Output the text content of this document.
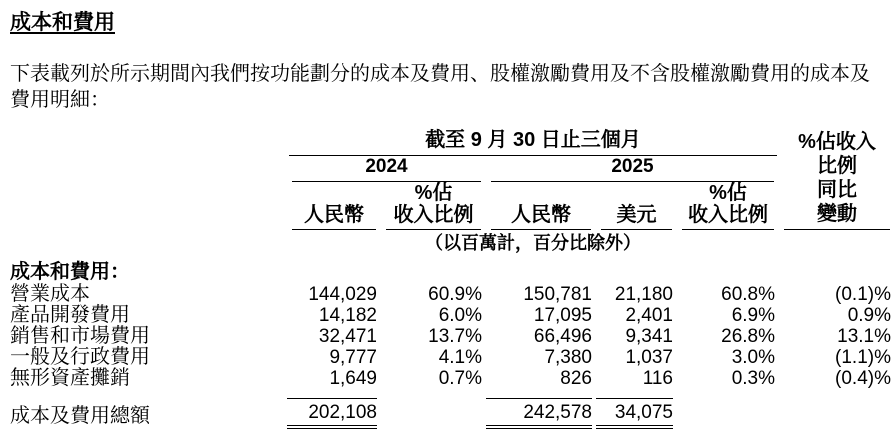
成本和費用

下表載列於所示期間內我們按功能劃分的成本及費用、股權激勵費用及不含股權激勵費用的成本及費用明細：

	截至 9 月 30 日止三個月					%佔收入
比例
同比
變動

	2024		2025			

	人民幣	%佔
收入比例	人民幣	美元	%佔
收入比例	

	（以百萬計，百分比除外）					
成本和費用：						
營業成本	144,029	60.9%	150,781	21,180	60.8%	(0.1)%
產品開發費用	14,182	6.0%	17,095	2,401	6.9%	0.9%
銷售和市場費用	32,471	13.7%	66,496	9,341	26.8%	13.1%
一般及行政費用	9,777	4.1%	7,380	1,037	3.0%	(1.1)%
無形資產攤銷	1,649	0.7%	826	116	0.3%	(0.4)%

成本及費用總額	202,108		242,578	34,075		
